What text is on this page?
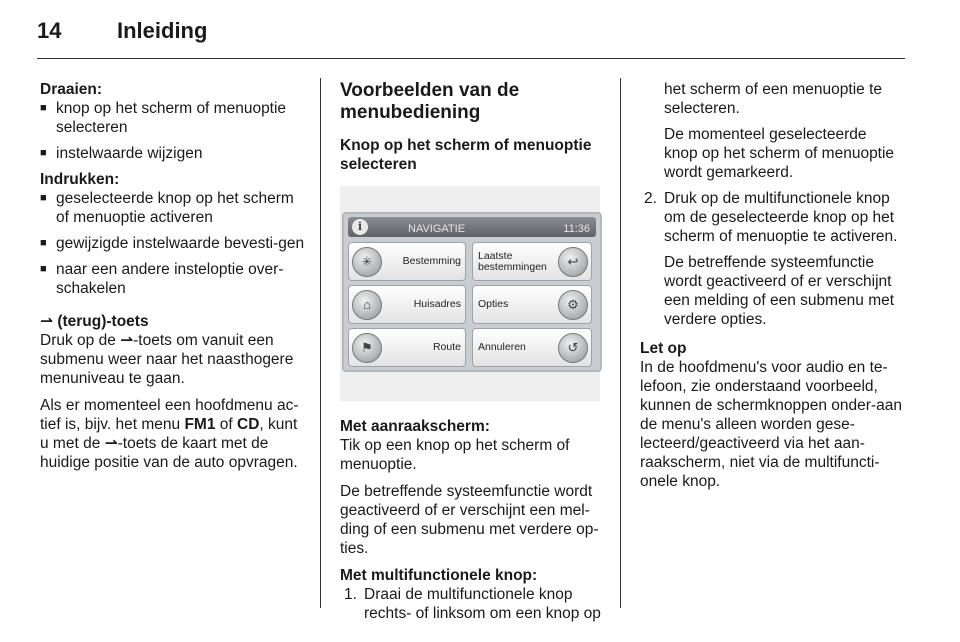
14	Inleiding
Draaien:
■ knop op het scherm of menuoptie selecteren
■ instelwaarde wijzigen
Indrukken:
■ geselecteerde knop op het scherm of menuoptie activeren
■ gewijzigde instelwaarde bevesti-gen
■ naar een andere insteloptie over-schakelen
⇀ (terug)-toets

Druk op de ⇀-toets om vanuit een submenu weer naar het naasthogere menuniveau te gaan.

Als er momenteel een hoofdmenu ac-tief is, bijv. het menu FM1 of CD, kunt u met de ⇀-toets de kaart met de huidige positie van de auto opvragen.

Voorbeelden van de menubediening
Knop op het scherm of menuoptie selecteren
i	NAVIGATIE	11:36
✳	Bestemming	↩
Laatste
bestemmingen
⌂	Huisadres	⚙
Opties
⚑	Route	↺
Annuleren
Met aanraakscherm:

Tik op een knop op het scherm of menuoptie.

De betreffende systeemfunctie wordt geactiveerd of er verschijnt een mel-ding of een submenu met verdere op-ties.

Met multifunctionele knop:
1. Draai de multifunctionele knop rechts- of linksom om een knop op
het scherm of een menuoptie te selecteren.
De momenteel geselecteerde knop op het scherm of menuoptie wordt gemarkeerd.
2. Druk op de multifunctionele knop om de geselecteerde knop op het scherm of menuoptie te activeren.
De betreffende systeemfunctie wordt geactiveerd of er verschijnt een melding of een submenu met verdere opties.
Let op

In de hoofdmenu's voor audio en te-lefoon, zie onderstaand voorbeeld, kunnen de schermknoppen onder-aan de menu's alleen worden gese-lecteerd/geactiveerd via het aan-raakscherm, niet via de multifuncti-onele knop.
